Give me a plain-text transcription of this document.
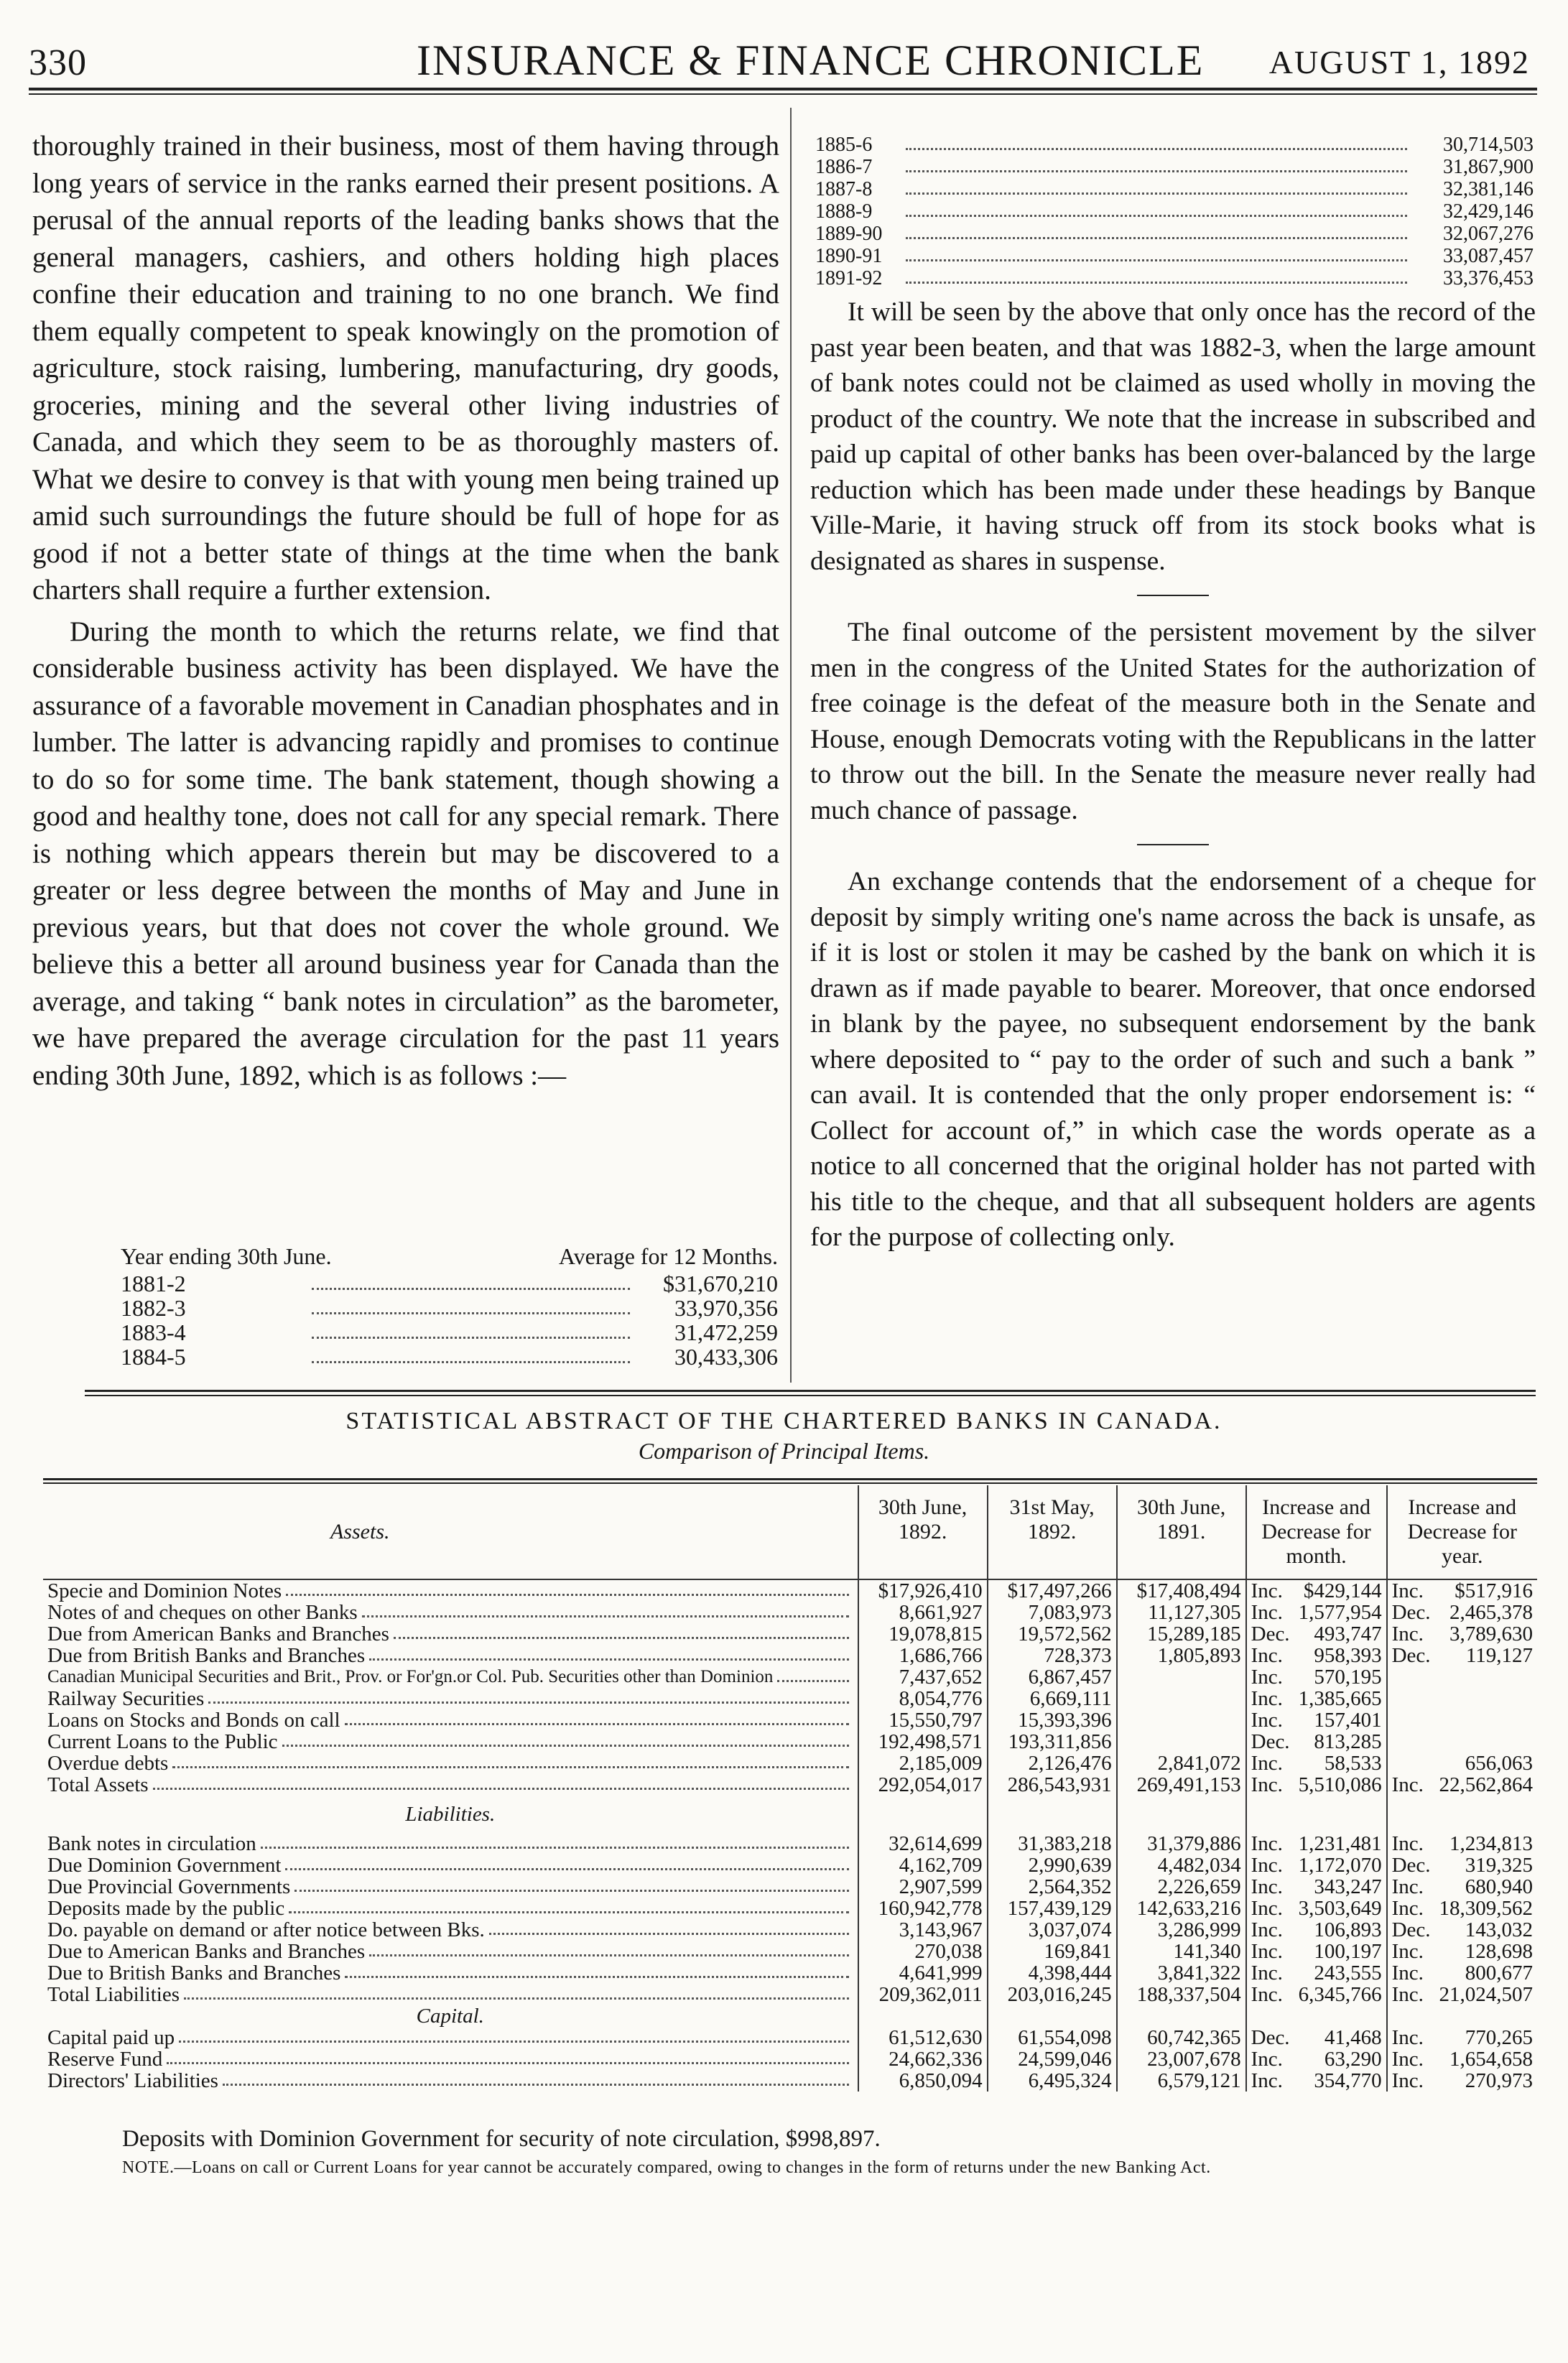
330	INSURANCE & FINANCE CHRONICLE AUGUST 1, 1892

thoroughly trained in their business, most of them having through long years of service in the ranks earned their present positions. A perusal of the annual reports of the leading banks shows that the general managers, cashiers, and others holding high places confine their education and training to no one branch. We find them equally competent to speak knowingly on the promotion of agriculture, stock raising, lumbering, manufacturing, dry goods, groceries, mining and the several other living industries of Canada, and which they seem to be as thoroughly masters of. What we desire to convey is that with young men being trained up amid such surroundings the future should be full of hope for as good if not a better state of things at the time when the bank charters shall require a further extension.

During the month to which the returns relate, we find that considerable business activity has been displayed. We have the assurance of a favorable movement in Canadian phosphates and in lumber. The latter is advancing rapidly and promises to continue to do so for some time. The bank statement, though showing a good and healthy tone, does not call for any special remark. There is nothing which appears therein but may be discovered to a greater or less degree between the months of May and June in previous years, but that does not cover the whole ground. We believe this a better all around business year for Canada than the average, and taking “ bank notes in circulation” as the barometer, we have prepared the average circulation for the past 11 years ending 30th June, 1892, which is as follows :—

Year ending 30th June.	Average for 12 Months.
1881-2	$31,670,210
1882-3	33,970,356
1883-4	31,472,259
1884-5	30,433,306
1885-6	30,714,503
1886-7	31,867,900
1887-8	32,381,146
1888-9	32,429,146
1889-90	32,067,276
1890-91	33,087,457
1891-92	33,376,453

It will be seen by the above that only once has the record of the past year been beaten, and that was 1882-3, when the large amount of bank notes could not be claimed as used wholly in moving the product of the country. We note that the increase in subscribed and paid up capital of other banks has been over-balanced by the large reduction which has been made under these headings by Banque Ville-Marie, it having struck off from its stock books what is designated as shares in suspense.

The final outcome of the persistent movement by the silver men in the congress of the United States for the authorization of free coinage is the defeat of the measure both in the Senate and House, enough Democrats voting with the Republicans in the latter to throw out the bill. In the Senate the measure never really had much chance of passage.

An exchange contends that the endorsement of a cheque for deposit by simply writing one's name across the back is unsafe, as if it is lost or stolen it may be cashed by the bank on which it is drawn as if made payable to bearer. Moreover, that once endorsed in blank by the payee, no subsequent endorsement by the bank where deposited to “ pay to the order of such and such a bank ” can avail. It is contended that the only proper endorsement is: “ Collect for account of,” in which case the words operate as a notice to all concerned that the original holder has not parted with his title to the cheque, and that all subsequent holders are agents for the purpose of collecting only.

STATISTICAL ABSTRACT OF THE CHARTERED BANKS IN CANADA.
Comparison of Principal Items.
Assets.	30th June, 1892.	31st May, 1892.	30th June, 1891.	Increase and Decrease for month.		Increase and Decrease for year.	

Specie and Dominion Notes	$17,926,410	$17,497,266	$17,408,494	Inc.	$429,144	Inc.	$517,916

Notes of and cheques on other Banks	8,661,927	7,083,973	11,127,305	Inc.	1,577,954	Dec.	2,465,378

Due from American Banks and Branches	19,078,815	19,572,562	15,289,185	Dec.	493,747	Inc.	3,789,630

Due from British Banks and Branches	1,686,766	728,373	1,805,893	Inc.	958,393	Dec.	119,127

Canadian Municipal Securities and Brit., Prov. or For'gn.or Col. Pub. Securities other than Dominion	7,437,652	6,867,457		Inc.	570,195		

Railway Securities	8,054,776	6,669,111		Inc.	1,385,665		

Loans on Stocks and Bonds on call	15,550,797	15,393,396		Inc.	157,401		

Current Loans to the Public	192,498,571	193,311,856		Dec.	813,285		

Overdue debts	2,185,009	2,126,476	2,841,072	Inc.	58,533		656,063

Total Assets	292,054,017	286,543,931	269,491,153	Inc.	5,510,086	Inc.	22,562,864
Liabilities.							

Bank notes in circulation	32,614,699	31,383,218	31,379,886	Inc.	1,231,481	Inc.	1,234,813

Due Dominion Government	4,162,709	2,990,639	4,482,034	Inc.	1,172,070	Dec.	319,325

Due Provincial Governments	2,907,599	2,564,352	2,226,659	Inc.	343,247	Inc.	680,940

Deposits made by the public	160,942,778	157,439,129	142,633,216	Inc.	3,503,649	Inc.	18,309,562

Do. payable on demand or after notice between Bks.	3,143,967	3,037,074	3,286,999	Inc.	106,893	Dec.	143,032

Due to American Banks and Branches	270,038	169,841	141,340	Inc.	100,197	Inc.	128,698

Due to British Banks and Branches	4,641,999	4,398,444	3,841,322	Inc.	243,555	Inc.	800,677

Total Liabilities	209,362,011	203,016,245	188,337,504	Inc.	6,345,766	Inc.	21,024,507
Capital.							

Capital paid up	61,512,630	61,554,098	60,742,365	Dec.	41,468	Inc.	770,265

Reserve Fund	24,662,336	24,599,046	23,007,678	Inc.	63,290	Inc.	1,654,658

Directors' Liabilities	6,850,094	6,495,324	6,579,121	Inc.	354,770	Inc.	270,973
Deposits with Dominion Government for security of note circulation, $998,897.
NOTE.—Loans on call or Current Loans for year cannot be accurately compared, owing to changes in the form of returns under the new Banking Act.
